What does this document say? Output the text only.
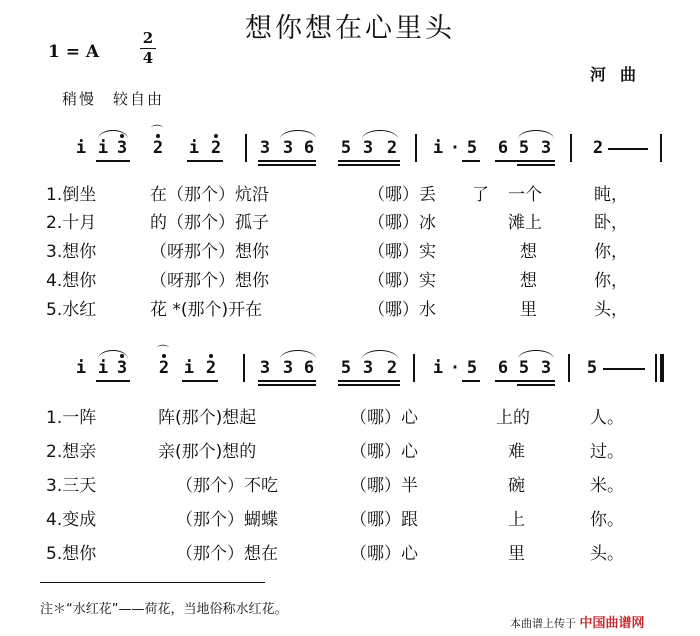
想你想在心里头
1 = A
2
4
稍慢　较自由
河曲
i i 3 2
⌒
i 2 3 3 6 5 3 2 i · 5 6 5 3 2
1.倒坐	在（那个）炕沿	（哪）丢 了 一个	盹，
2.十月	的（那个）孤子	（哪）冰	滩上	卧，
3.想你	（呀那个）想你	（哪）实	想	你，
4.想你	（呀那个）想你	（哪）实	想	你，
5.水红	花 *(那个)开在	（哪）水	里	头，
i i 3 2
⌒
i 2	3 3 6 5 3 2 i · 5 6 5 3 5
1.一阵	阵(那个)想起	（哪）心	上的	人。
2.想亲	亲(那个)想的	（哪）心	难	过。
3.三天	（那个）不吃	（哪）半	碗	米。
4.变成	（那个）蝴蝶	（哪）跟	上	你。
5.想你	（那个）想在	（哪）心	里	头。
注＊“水红花”——荷花，当地俗称水红花。
本曲谱上传于 中国曲谱网
